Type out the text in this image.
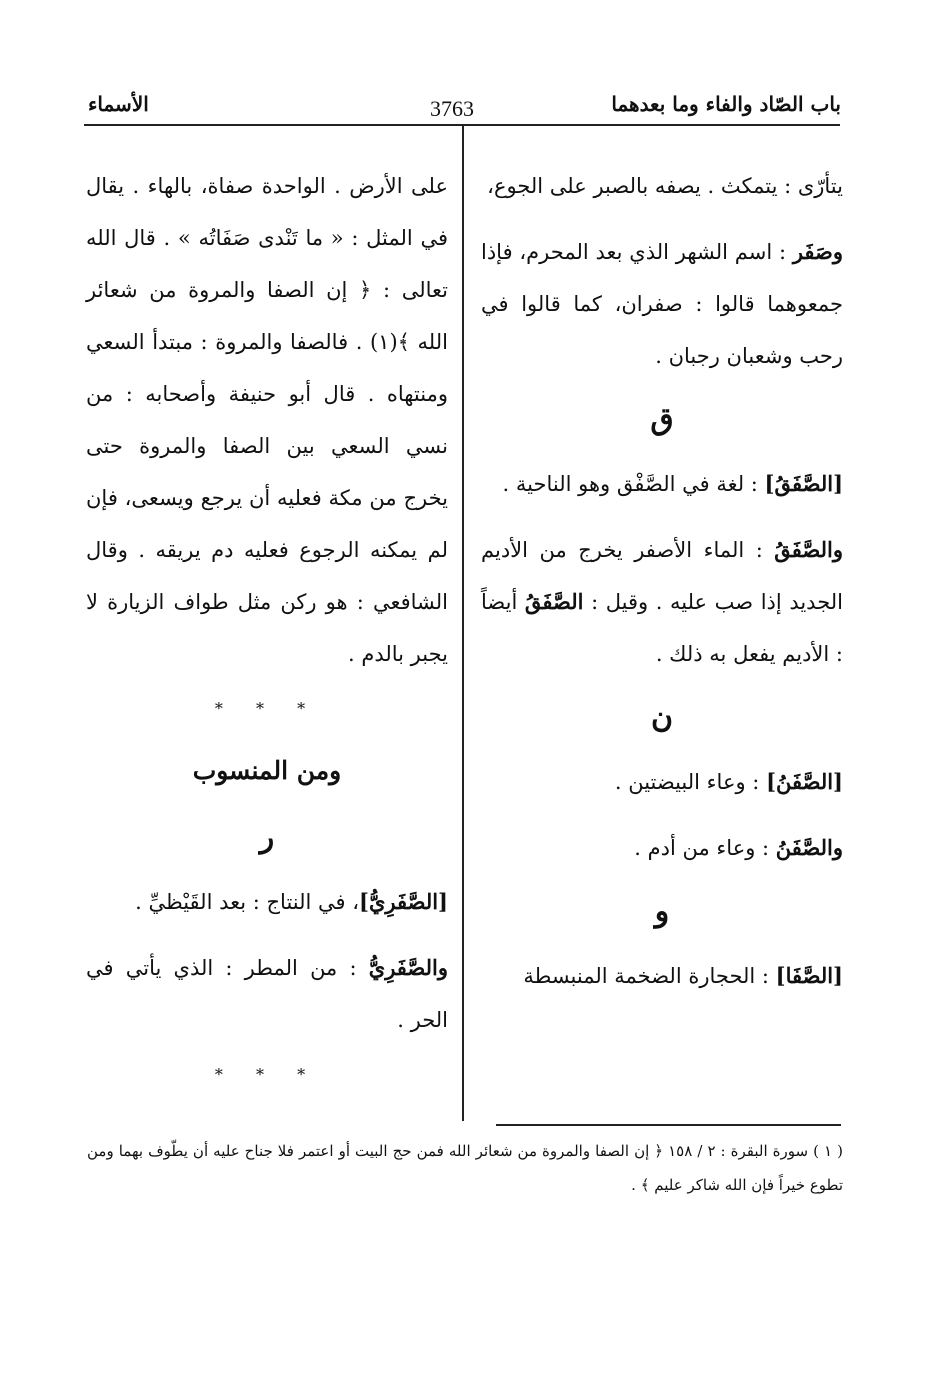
باب الصّاد والفاء وما بعدهما
3763
الأسماء

يتأرّى : يتمكث . يصفه بالصبر على الجوع،

وصَفَر : اسم الشهر الذي بعد المحرم، فإذا جمعوهما قالوا : صفران، كما قالوا في رحب وشعبان رجبان .

ق

[الصَّفَقُ] : لغة في الصَّفْق وهو الناحية .

والصَّفَقُ : الماء الأصفر يخرج من الأديم الجديد إذا صب عليه . وقيل : الصَّفَقُ أيضاً : الأديم يفعل به ذلك .

ن

[الصَّفَنُ] : وعاء البيضتين .

والصَّفَنُ : وعاء من أدم .

و

[الصَّفَا] : الحجارة الضخمة المنبسطة

على الأرض . الواحدة صفاة، بالهاء . يقال في المثل : « ما تَنْدى صَفَاتُه » . قال الله تعالى : ﴿ إن الصفا والمروة من شعائر الله ﴾(١) . فالصفا والمروة : مبتدأ السعي ومنتهاه . قال أبو حنيفة وأصحابه : من نسي السعي بين الصفا والمروة حتى يخرج من مكة فعليه أن يرجع ويسعى، فإن لم يمكنه الرجوع فعليه دم يريقه . وقال الشافعي : هو ركن مثل طواف الزيارة لا يجبر بالدم .

* * *
ومن المنسوب
ر

[الصَّفَرِيُّ]، في النتاج : بعد القَيْظيِّ .

والصَّفَرِيُّ : من المطر : الذي يأتي في الحر .

* * *
( ١ ) سورة البقرة : ٢ / ١٥٨ ﴿ إن الصفا والمروة من شعائر الله فمن حج البيت أو اعتمر فلا جناح عليه أن يطّوف بهما ومن تطوع خيراً فإن الله شاكر عليم ﴾ .
